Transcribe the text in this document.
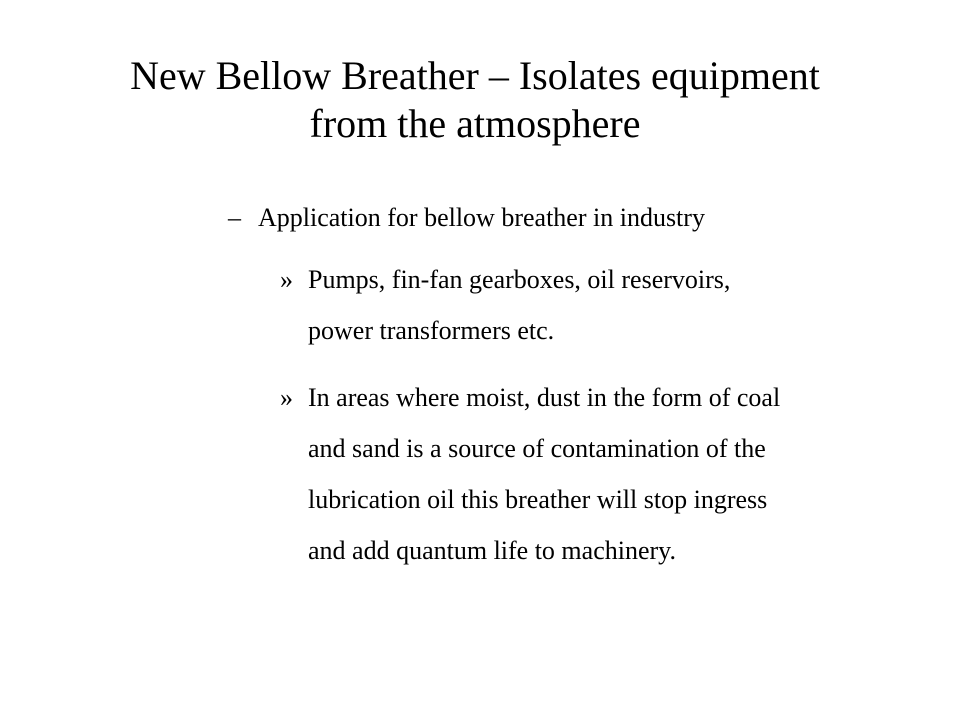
New Bellow Breather – Isolates equipment
from the atmosphere
– Application for bellow breather in industry
» Pumps, fin-fan gearboxes, oil reservoirs,
power transformers etc.
» In areas where moist, dust in the form of coal
and sand is a source of contamination of the
lubrication oil this breather will stop ingress
and add quantum life to machinery.
